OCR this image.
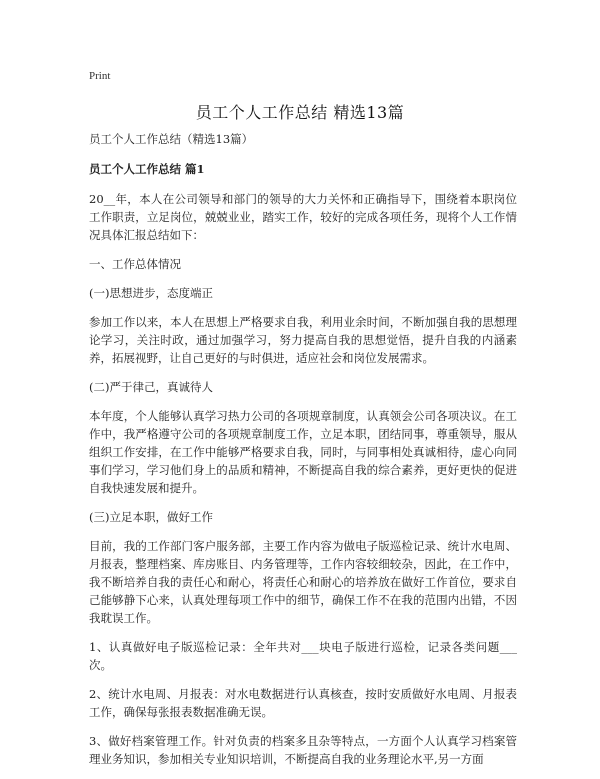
Print
员工个人工作总结 精选13篇

员工个人工作总结（精选13篇）

员工个人工作总结 篇1

20__年，本人在公司领导和部门的领导的大力关怀和正确指导下，围绕着本职岗位工作职责，立足岗位，兢兢业业，踏实工作，较好的完成各项任务，现将个人工作情况具体汇报总结如下：

一、工作总体情况

(一)思想进步，态度端正

参加工作以来，本人在思想上严格要求自我，利用业余时间，不断加强自我的思想理论学习，关注时政，通过加强学习，努力提高自我的思想觉悟，提升自我的内涵素养，拓展视野，让自己更好的与时俱进，适应社会和岗位发展需求。

(二)严于律己，真诚待人

本年度，个人能够认真学习热力公司的各项规章制度，认真领会公司各项决议。在工作中，我严格遵守公司的各项规章制度工作，立足本职，团结同事，尊重领导，服从组织工作安排，在工作中能够严格要求自我，同时，与同事相处真诚相待，虚心向同事们学习，学习他们身上的品质和精神，不断提高自我的综合素养，更好更快的促进自我快速发展和提升。

(三)立足本职，做好工作

目前，我的工作部门客户服务部，主要工作内容为做电子版巡检记录、统计水电周、月报表，整理档案、库房账目、内务管理等，工作内容较细较杂，因此，在工作中，我不断培养自我的责任心和耐心，将责任心和耐心的培养放在做好工作首位，要求自己能够静下心来，认真处理每项工作中的细节，确保工作不在我的范围内出错，不因我耽误工作。

1、认真做好电子版巡检记录：全年共对___块电子版进行巡检，记录各类问题___次。

2、统计水电周、月报表：对水电数据进行认真核查，按时安质做好水电周、月报表工作，确保每张报表数据准确无误。

3、做好档案管理工作。针对负责的档案多且杂等特点，一方面个人认真学习档案管理业务知识，参加相关专业知识培训，不断提高自我的业务理论水平,另一方面
